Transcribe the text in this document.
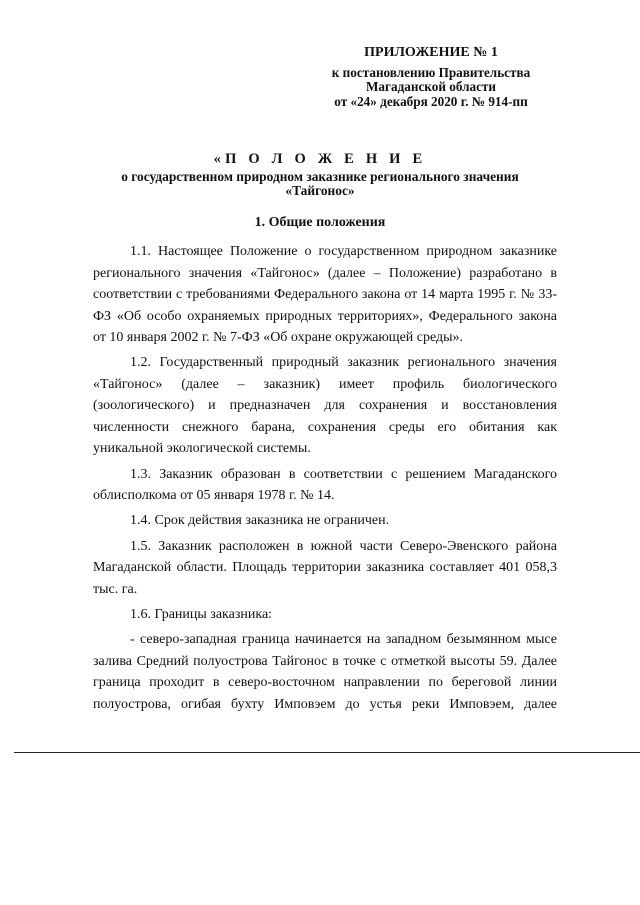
ПРИЛОЖЕНИЕ № 1
к постановлению Правительства
Магаданской области
от «24» декабря 2020 г. № 914-пп
«П О Л О Ж Е Н И Е
о государственном природном заказнике регионального значения
«Тайгонос»
1. Общие положения

1.1. Настоящее Положение о государственном природном заказнике регионального значения «Тайгонос» (далее – Положение) разработано в соответствии с требованиями Федерального закона от 14 марта 1995 г. № 33-ФЗ «Об особо охраняемых природных территориях», Федерального закона от 10 января 2002 г. № 7-ФЗ «Об охране окружающей среды».

1.2. Государственный природный заказник регионального значения «Тайгонос» (далее – заказник) имеет профиль биологического (зоологического) и предназначен для сохранения и восстановления численности снежного барана, сохранения среды его обитания как уникальной экологической системы.

1.3. Заказник образован в соответствии с решением Магаданского облисполкома от 05 января 1978 г. № 14.

1.4. Срок действия заказника не ограничен.

1.5. Заказник расположен в южной части Северо-Эвенского района Магаданской области. Площадь территории заказника составляет 401 058,3 тыс. га.

1.6. Границы заказника:

- северо-западная граница начинается на западном безымянном мысе залива Средний полуострова Тайгонос в точке с отметкой высоты 59. Далее граница проходит в северо-восточном направлении по береговой линии полуострова, огибая бухту Имповэем до устья реки Имповэем, далее
